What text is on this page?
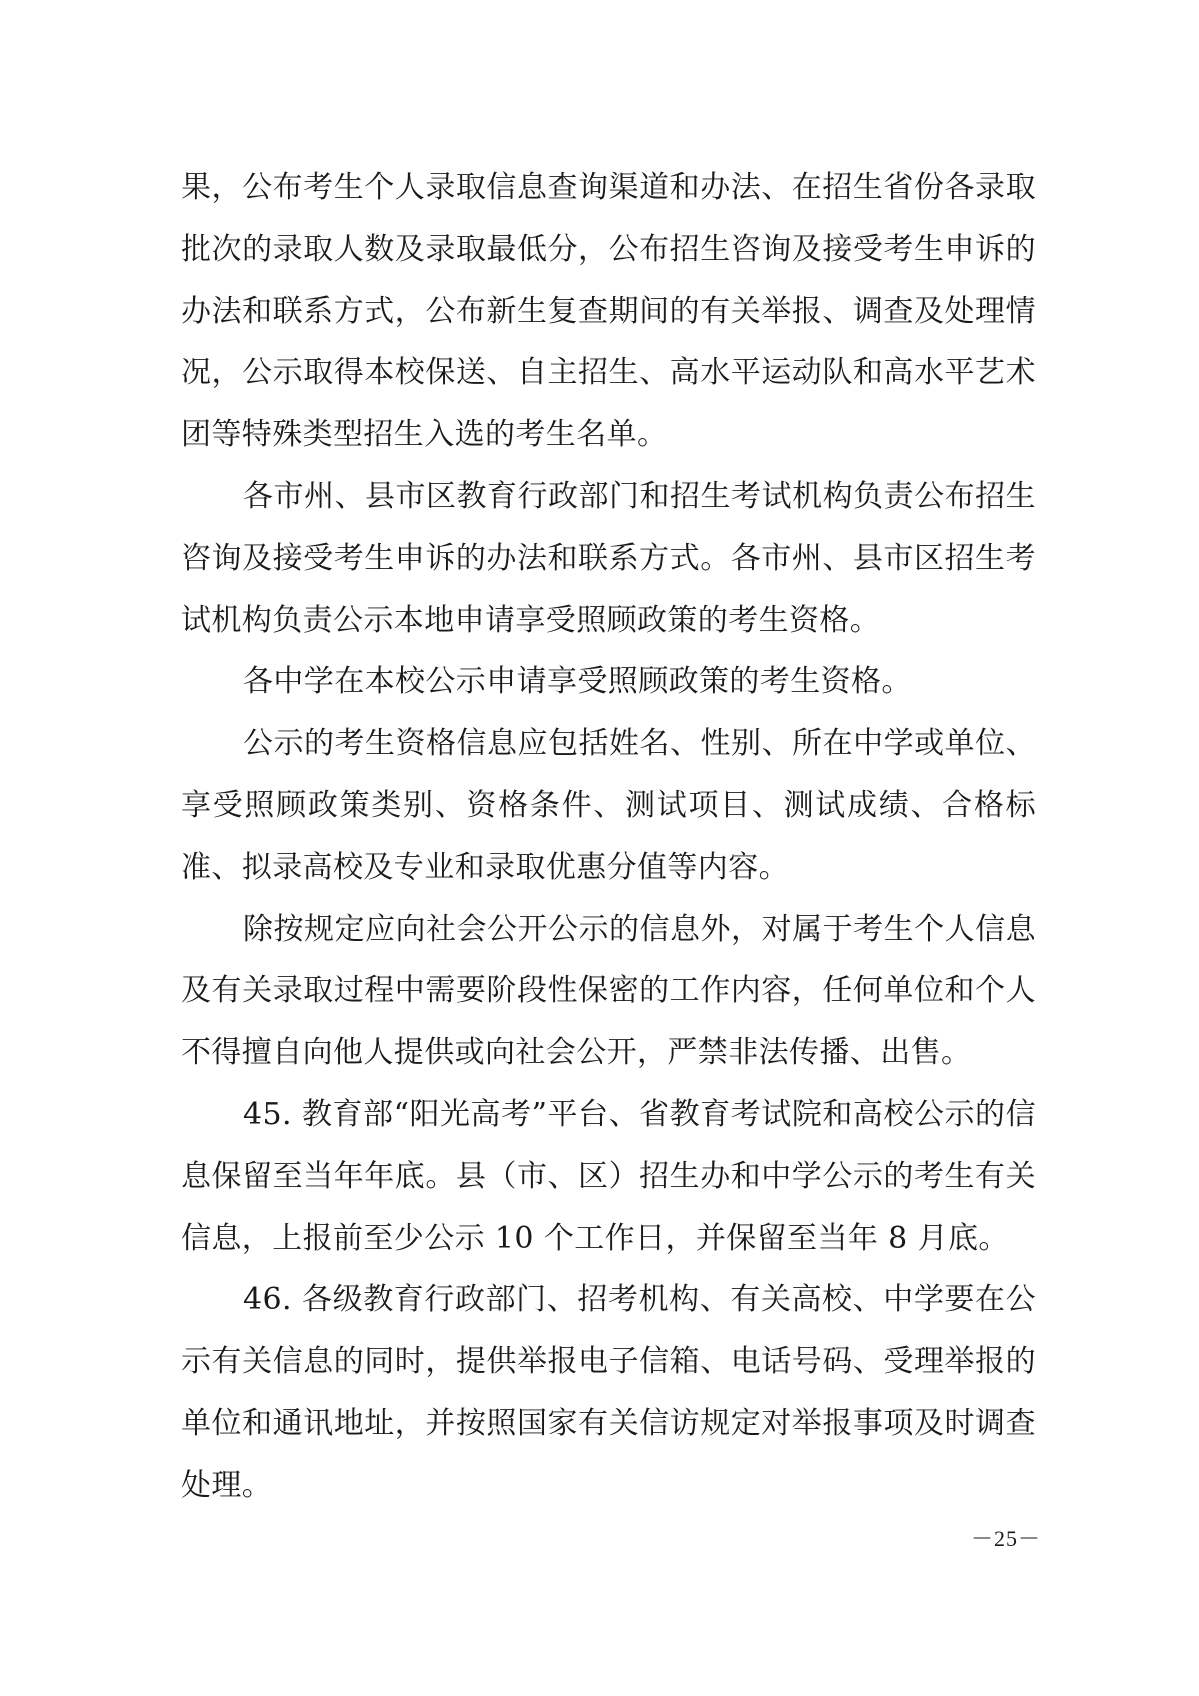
果，公布考生个人录取信息查询渠道和办法、在招生省份各录取批次的录取人数及录取最低分，公布招生咨询及接受考生申诉的办法和联系方式，公布新生复查期间的有关举报、调查及处理情况，公示取得本校保送、自主招生、高水平运动队和高水平艺术团等特殊类型招生入选的考生名单。

各市州、县市区教育行政部门和招生考试机构负责公布招生咨询及接受考生申诉的办法和联系方式。各市州、县市区招生考试机构负责公示本地申请享受照顾政策的考生资格。

各中学在本校公示申请享受照顾政策的考生资格。

公示的考生资格信息应包括姓名、性别、所在中学或单位、享受照顾政策类别、资格条件、测试项目、测试成绩、合格标准、拟录高校及专业和录取优惠分值等内容。

除按规定应向社会公开公示的信息外，对属于考生个人信息及有关录取过程中需要阶段性保密的工作内容，任何单位和个人不得擅自向他人提供或向社会公开，严禁非法传播、出售。

45. 教育部“阳光高考”平台、省教育考试院和高校公示的信息保留至当年年底。县（市、区）招生办和中学公示的考生有关信息，上报前至少公示 10 个工作日，并保留至当年 8 月底。

46. 各级教育行政部门、招考机构、有关高校、中学要在公示有关信息的同时，提供举报电子信箱、电话号码、受理举报的单位和通讯地址，并按照国家有关信访规定对举报事项及时调查处理。

－25－
